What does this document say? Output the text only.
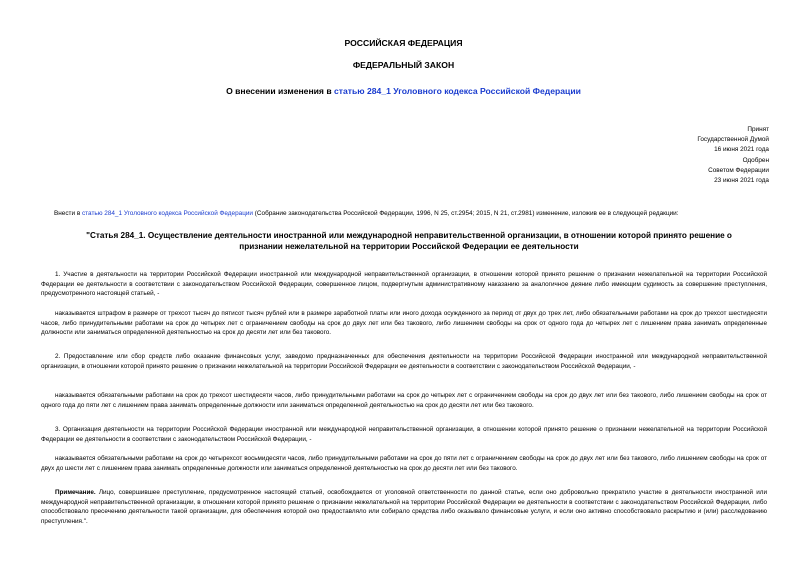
РОССИЙСКАЯ ФЕДЕРАЦИЯ
ФЕДЕРАЛЬНЫЙ ЗАКОН
О внесении изменения в статью 284_1 Уголовного кодекса Российской Федерации
Принят
Государственной Думой
16 июня 2021 года
Одобрен
Советом Федерации
23 июня 2021 года
Внести в статью 284_1 Уголовного кодекса Российской Федерации (Собрание законодательства Российской Федерации, 1996, N 25, ст.2954; 2015, N 21, ст.2981) изменение, изложив ее в следующей редакции:
"Статья 284_1. Осуществление деятельности иностранной или международной неправительственной организации, в отношении которой принято решение о признании нежелательной на территории Российской Федерации ее деятельности
1. Участие в деятельности на территории Российской Федерации иностранной или международной неправительственной организации, в отношении которой принято решение о признании нежелательной на территории Российской Федерации ее деятельности в соответствии с законодательством Российской Федерации, совершенное лицом, подвергнутым административному наказанию за аналогичное деяние либо имеющим судимость за совершение преступления, предусмотренного настоящей статьей, -
наказывается штрафом в размере от трехсот тысяч до пятисот тысяч рублей или в размере заработной платы или иного дохода осужденного за период от двух до трех лет, либо обязательными работами на срок до трехсот шестидесяти часов, либо принудительными работами на срок до четырех лет с ограничением свободы на срок до двух лет или без такового, либо лишением свободы на срок от одного года до четырех лет с лишением права занимать определенные должности или заниматься определенной деятельностью на срок до десяти лет или без такового.
2. Предоставление или сбор средств либо оказание финансовых услуг, заведомо предназначенных для обеспечения деятельности на территории Российской Федерации иностранной или международной неправительственной организации, в отношении которой принято решение о признании нежелательной на территории Российской Федерации ее деятельности в соответствии с законодательством Российской Федерации, -
наказывается обязательными работами на срок до трехсот шестидесяти часов, либо принудительными работами на срок до четырех лет с ограничением свободы на срок до двух лет или без такового, либо лишением свободы на срок от одного года до пяти лет с лишением права занимать определенные должности или заниматься определенной деятельностью на срок до десяти лет или без такового.
3. Организация деятельности на территории Российской Федерации иностранной или международной неправительственной организации, в отношении которой принято решение о признании нежелательной на территории Российской Федерации ее деятельности в соответствии с законодательством Российской Федерации, -
наказывается обязательными работами на срок до четырехсот восьмидесяти часов, либо принудительными работами на срок до пяти лет с ограничением свободы на срок до двух лет или без такового, либо лишением свободы на срок от двух до шести лет с лишением права занимать определенные должности или заниматься определенной деятельностью на срок до десяти лет или без такового.
Примечание. Лицо, совершившее преступление, предусмотренное настоящей статьей, освобождается от уголовной ответственности по данной статье, если оно добровольно прекратило участие в деятельности иностранной или международной неправительственной организации, в отношении которой принято решение о признании нежелательной на территории Российской Федерации ее деятельности в соответствии с законодательством Российской Федерации, либо способствовало пресечению деятельности такой организации, для обеспечения которой оно предоставляло или собирало средства либо оказывало финансовые услуги, и если оно активно способствовало раскрытию и (или) расследованию преступления.".
